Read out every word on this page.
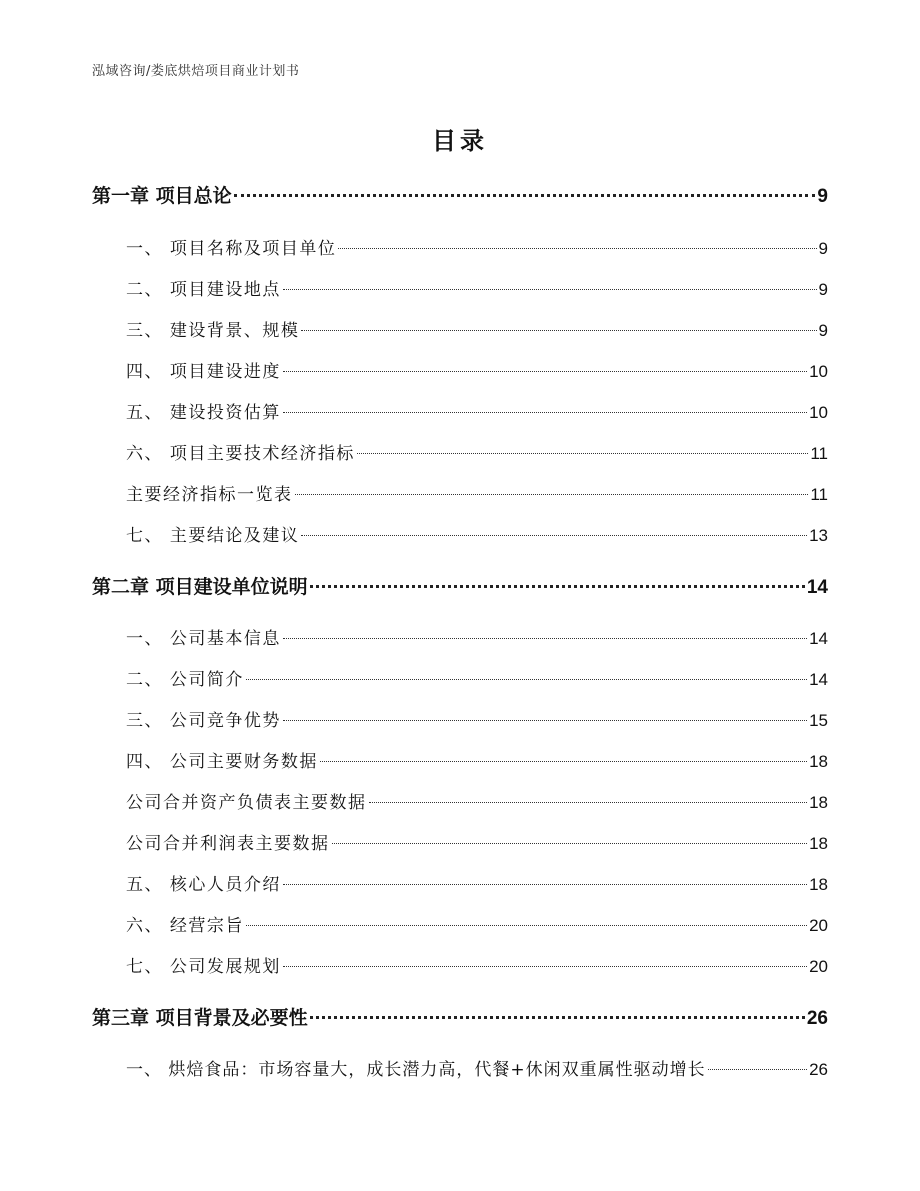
泓域咨询/娄底烘焙项目商业计划书
目录
第一章 项目总论	9
一、 项目名称及项目单位	9
二、 项目建设地点	9
三、 建设背景、规模	9
四、 项目建设进度	10
五、 建设投资估算	10
六、 项目主要技术经济指标	11
主要经济指标一览表	11
七、 主要结论及建议	13
第二章 项目建设单位说明	14
一、 公司基本信息	14
二、 公司简介	14
三、 公司竞争优势	15
四、 公司主要财务数据	18
公司合并资产负债表主要数据	18
公司合并利润表主要数据	18
五、 核心人员介绍	18
六、 经营宗旨	20
七、 公司发展规划	20
第三章 项目背景及必要性	26
一、 烘焙食品：市场容量大，成长潜力高，代餐+休闲双重属性驱动增长	26
